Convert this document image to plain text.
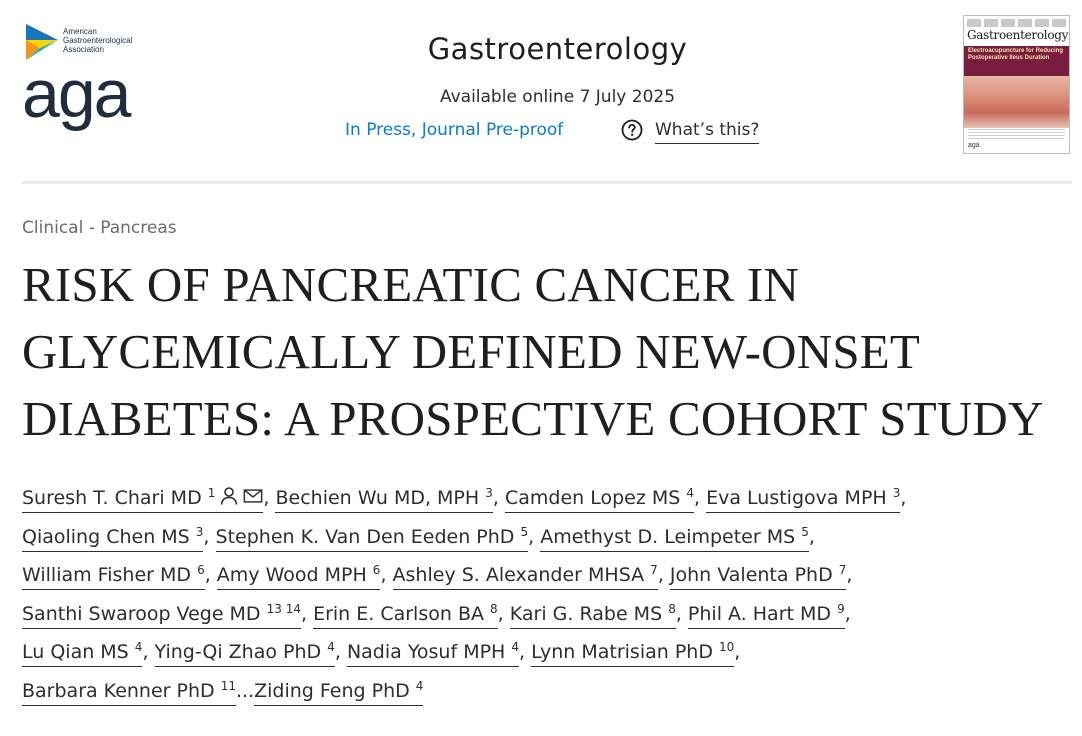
American
Gastroenterological
Association
aga
Gastroenterology
Available online 7 July 2025
In Press, Journal Pre-proof	What’s this?
Gastroenterology
Electroacupuncture for Reducing Postoperative Ileus Duration
aga
Clinical - Pancreas
RISK OF PANCREATIC CANCER IN
GLYCEMICALLY DEFINED NEW-ONSET
DIABETES: A PROSPECTIVE COHORT STUDY
Suresh T. Chari MD $^1$	, Bechien Wu MD, MPH $^3$, Camden Lopez MS $^4$, Eva Lustigova MPH $^3$,
Qiaoling Chen MS $^3$, Stephen K. Van Den Eeden PhD $^5$, Amethyst D. Leimpeter MS $^5$,
William Fisher MD $^6$, Amy Wood MPH $^6$, Ashley S. Alexander MHSA $^7$, John Valenta PhD $^7$,
Santhi Swaroop Vege MD $^{13 14}$, Erin E. Carlson BA $^8$, Kari G. Rabe MS $^8$, Phil A. Hart MD $^9$,
Lu Qian MS $^4$, Ying-Qi Zhao PhD $^4$, Nadia Yosuf MPH $^4$, Lynn Matrisian PhD $^{10}$,
Barbara Kenner PhD $^{11}$...Ziding Feng PhD $^4$
